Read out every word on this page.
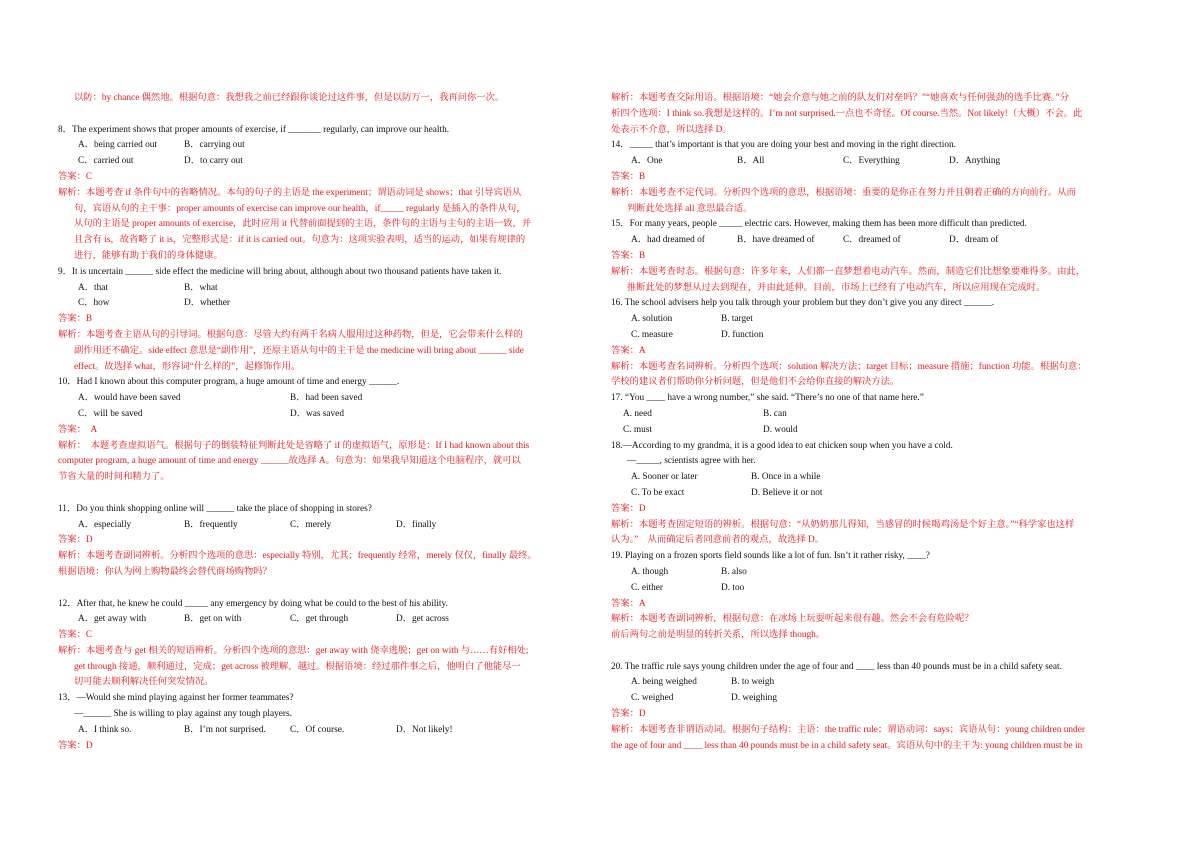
以防：by chance 偶然地。根据句意：我想我之前已经跟你谈论过这件事，但是以防万一，我再问你一次。
8．The experiment shows that proper amounts of exercise, if _______ regularly, can improve our health.
A．being carried out	B．carrying out
C．carried out	D．to carry out
答案：C
解析：本题考查 if 条件句中的省略情况。本句的句子的主语是 the experiment；谓语动词是 shows；that 引导宾语从
句，宾语从句的主干事：proper amounts of exercise can improve our health，if_____ regularly 是插入的条件从句，
从句的主语是 proper amounts of exercise，此时应用 it 代替前面提到的主语，条件句的主语与主句的主语一致，并
且含有 is，故省略了 it is，完整形式是：if it is carried out。句意为：这项实验表明，适当的运动，如果有规律的
进行，能够有助于我们的身体健康。
9．It is uncertain ______ side effect the medicine will bring about, although about two thousand patients have taken it.
A．that	B．what
C．how	D．whether
答案：B
解析：本题考查主语从句的引导词。根据句意：尽管大约有两千名病人服用过这种药物，但是，它会带来什么样的
副作用还不确定。side effect 意思是“副作用”，还原主语从句中的主干是 the medicine will bring about ______ side
effect。故选择 what，形容词“什么样的”，起修饰作用。
10．Had I known about this computer program, a huge amount of time and energy ______.
A．would have been saved	B．had been saved
C．will be saved	D．was saved
答案：　A
解析：　本题考查虚拟语气。根据句子的倒装特征判断此处是省略了 if 的虚拟语气，原形是：If I had known about this
computer program, a huge amount of time and energy ______故选择 A。句意为：如果我早知道这个电脑程序，就可以
节省大量的时间和精力了。
11．Do you think shopping online will ______ take the place of shopping in stores?
A．especially	B．frequently	C．merely	D．finally
答案：D
解析：本题考查副词辨析。分析四个选项的意思：especially 特别，尤其；frequently 经常，merely 仅仅，finally 最终。
根据语境：你认为网上购物最终会替代商场购物吗？
12．After that, he knew he could _____ any emergency by doing what be could to the best of his ability.
A．get away with	B．get on with	C．get through	D．get across
答案：C
解析：本题考查与 get 相关的短语辨析。分析四个选项的意思：get away with 侥幸逃脱；get on with 与……有好相处;
get through 接通，顺利通过，完成；get across 被理解，越过。根据语境：经过那件事之后，他明白了他能尽一
切可能去顺利解决任何突发情况。
13．—Would she mind playing against her former teammates?
—______ She is willing to play against any tough players.
A．I think so.	B．I’m not surprised.	C．Of course.	D．Not likely!
答案：D
解析：本题考查交际用语。根据语境：“她会介意与她之前的队友们对垒吗？”“她喜欢与任何强劲的选手比赛。”分
析四个选项：I think so.我想是这样的。I’m not surprised.一点也不奇怪。Of course.当然。Not likely!（大概）不会。此
处表示不介意，所以选择 D。
14．_____ that’s important is that you are doing your best and moving in the right direction.
A．One	B．All	C．Everything	D．Anything
答案：B
解析：本题考查不定代词。分析四个选项的意思，根据语境：重要的是你正在努力并且朝着正确的方向前行。从而
判断此处选择 all 意思最合适。
15．For many years, people _____ electric cars. However, making them has been more difficult than predicted.
A．had dreamed of	B．have dreamed of	C．dreamed of	D．dream of
答案：B
解析：本题考查时态。根据句意：许多年来，人们都一直梦想着电动汽车。然而，制造它们比想象要难得多。由此，
推断此处的梦想从过去到现在，并由此延伸。目前，市场上已经有了电动汽车，所以应用现在完成时。
16. The school advisers help you talk through your problem but they don’t give you any direct ______.
A. solution	B. target
C. measure	D. function
答案：A
解析：本题考查名词辨析。分析四个选项：solution 解决方法；target 目标；measure 措施；function 功能。根据句意：
学校的建议者们帮助你分析问题，但是他们不会给你直接的解决方法。
17. “You ____ have a wrong number,” she said. “There’s no one of that name here.”
A. need	B. can
C. must	D. would
18.—According to my grandma, it is a good idea to eat chicken soup when you have a cold.
—_____, scientists agree with her.
A. Sooner or later	B. Once in a while
C. To be exact	D. Believe it or not
答案：D
解析：本题考查固定短语的辨析。根据句意：“从奶奶那儿得知，当感冒的时候喝鸡汤是个好主意。”“科学家也这样
认为。”　从而确定后者同意前者的观点，故选择 D。
19. Playing on a frozen sports field sounds like a lot of fun. Isn’t it rather risky, ____?
A. though	B. also
C. either	D. too
答案：A
解析：本题考查副词辨析，根据句意：在冰场上玩耍听起来很有趣。然会不会有危险呢？
前后两句之前是明显的转折关系，所以选择 though。
20. The traffic rule says young children under the age of four and ____ less than 40 pounds must be in a child safety seat.
A. being weighed	B. to weigh
C. weighed	D. weighing
答案：D
解析：本题考查非谓语动词。根据句子结构：主语：the traffic rule；谓语动词：says；宾语从句：young children under
the age of four and ____ less than 40 pounds must be in a child safety seat。宾语从句中的主干为: young children must be in
